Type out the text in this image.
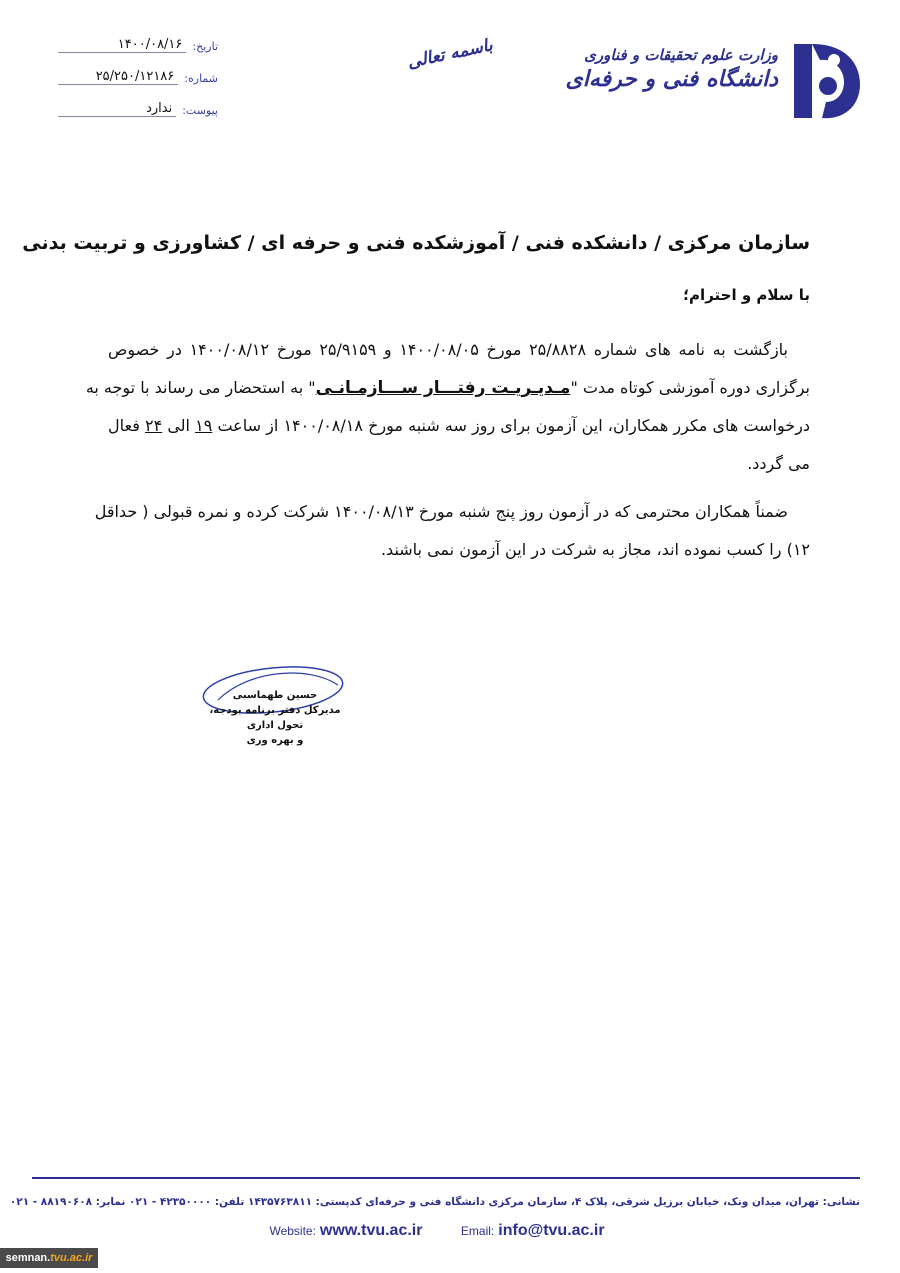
تاریخ:
۱۴۰۰/۰۸/۱۶
شماره:
۲۵/۲۵۰/۱۲۱۸۶
پیوست:
ندارد
باسمه تعالی	وزارت علوم تحقیقات و فناوری
دانشگاه فنی و حرفه‌ای
سازمان مرکزی / دانشکده فنی / آموزشکده فنی و حرفه ای / کشاورزی و تربیت بدنی
با سلام و احترام؛
بازگشت به نامه های شماره ۲۵/۸۸۲۸ مورخ ۱۴۰۰/۰۸/۰۵ و ۲۵/۹۱۵۹ مورخ ۱۴۰۰/۰۸/۱۲ در خصوص
برگزاری دوره آموزشی کوتاه مدت "مـدیـریـت رفتـــار ســـازمـانـی" به استحضار می رساند با توجه به
درخواست های مکرر همکاران، این آزمون برای روز سه شنبه مورخ ۱۴۰۰/۰۸/۱۸ از ساعت ۱۹ الی ۲۴ فعال
می گردد.
ضمناً همکاران محترمی که در آزمون روز پنج شنبه مورخ ۱۴۰۰/۰۸/۱۳ شرکت کرده و نمره قبولی ( حداقل
۱۲) را کسب نموده اند، مجاز به شرکت در این آزمون نمی باشند.
حسین طهماسبی
مدیرکل دفتر برنامه بودجه، تحول اداری
و بهره وری
نشانی: تهران، میدان ونک، خیابان برزیل شرقی، پلاک ۴، سازمان مرکزی دانشگاه فنی و حرفه‌ای کدپستی: ۱۴۳۵۷۶۳۸۱۱ تلفن: ۴۲۳۵۰۰۰۰ - ۰۲۱ نمابر: ۸۸۱۹۰۶۰۸ - ۰۲۱
Website: www.tvu.ac.ir	Email: info@tvu.ac.ir
semnan.tvu.ac.ir
